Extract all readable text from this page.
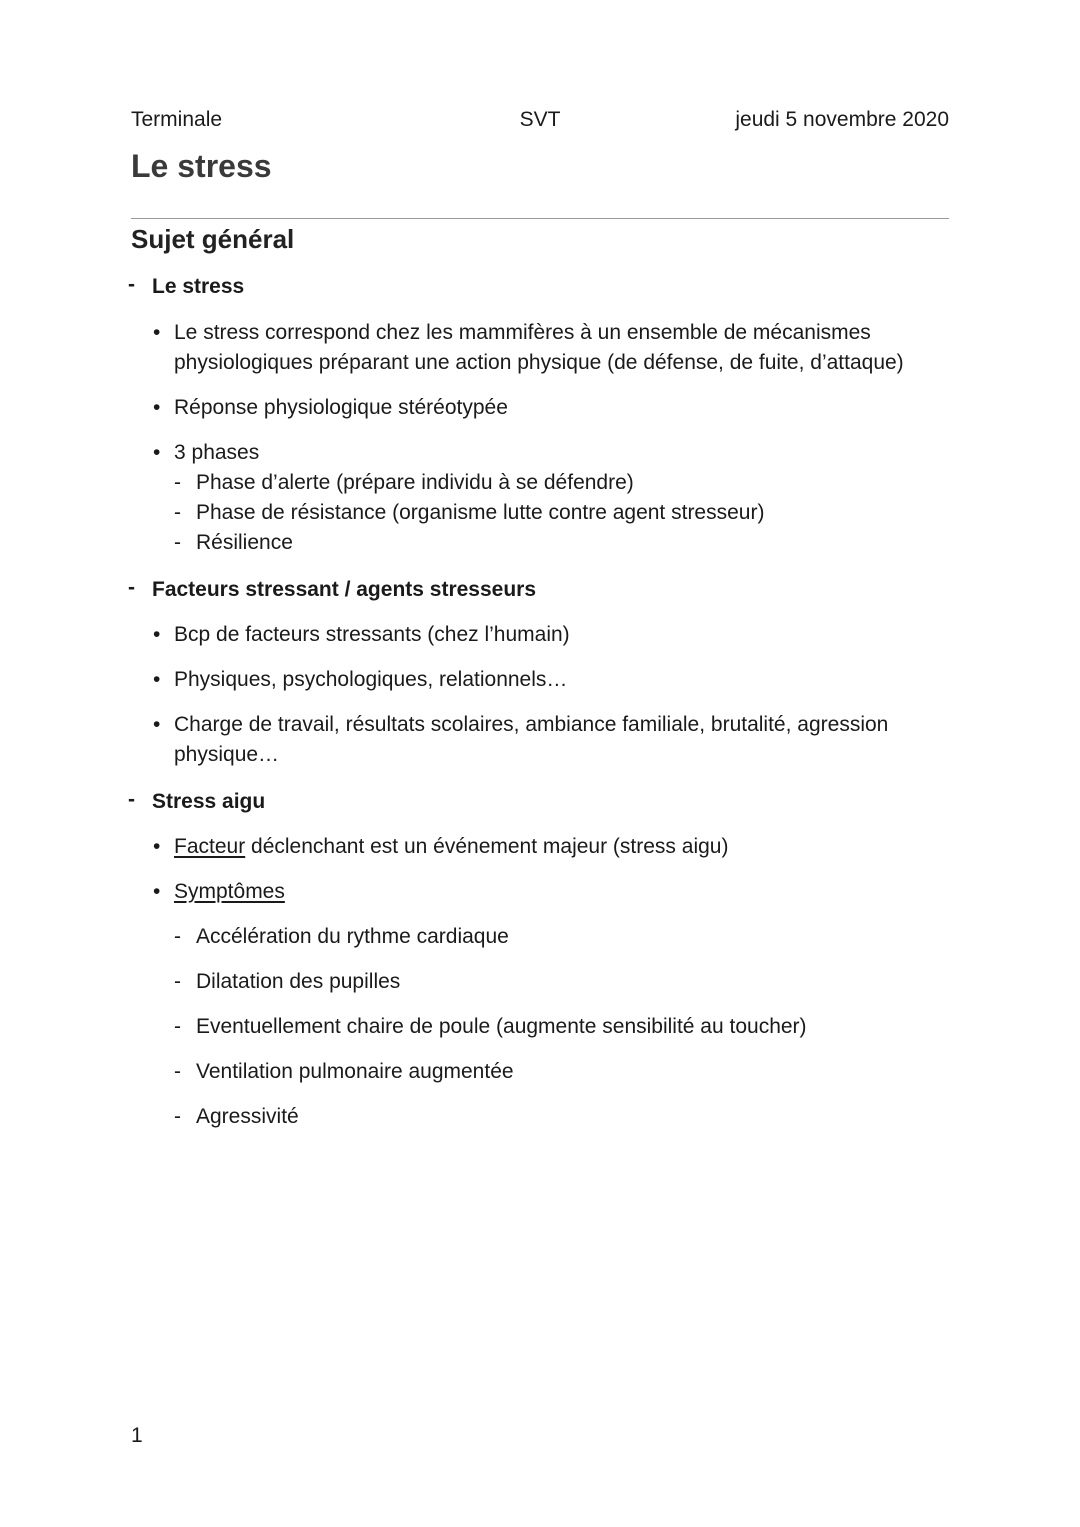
Terminale	SVT	jeudi 5 novembre 2020
Le stress
Sujet général

- Le stress

• Le stress correspond chez les mammifères à un ensemble de mécanismes physiologiques préparant une action physique (de défense, de fuite, d’attaque)

• Réponse physiologique stéréotypée

• 3 phases

- Phase d’alerte (prépare individu à se défendre)

- Phase de résistance (organisme lutte contre agent stresseur)

- Résilience

- Facteurs stressant / agents stresseurs

• Bcp de facteurs stressants (chez l’humain)

• Physiques, psychologiques, relationnels…

• Charge de travail, résultats scolaires, ambiance familiale, brutalité, agression physique…

- Stress aigu

• Facteur déclenchant est un événement majeur (stress aigu)

• Symptômes

- Accélération du rythme cardiaque

- Dilatation des pupilles

- Eventuellement chaire de poule (augmente sensibilité au toucher)

- Ventilation pulmonaire augmentée

- Agressivité

1
